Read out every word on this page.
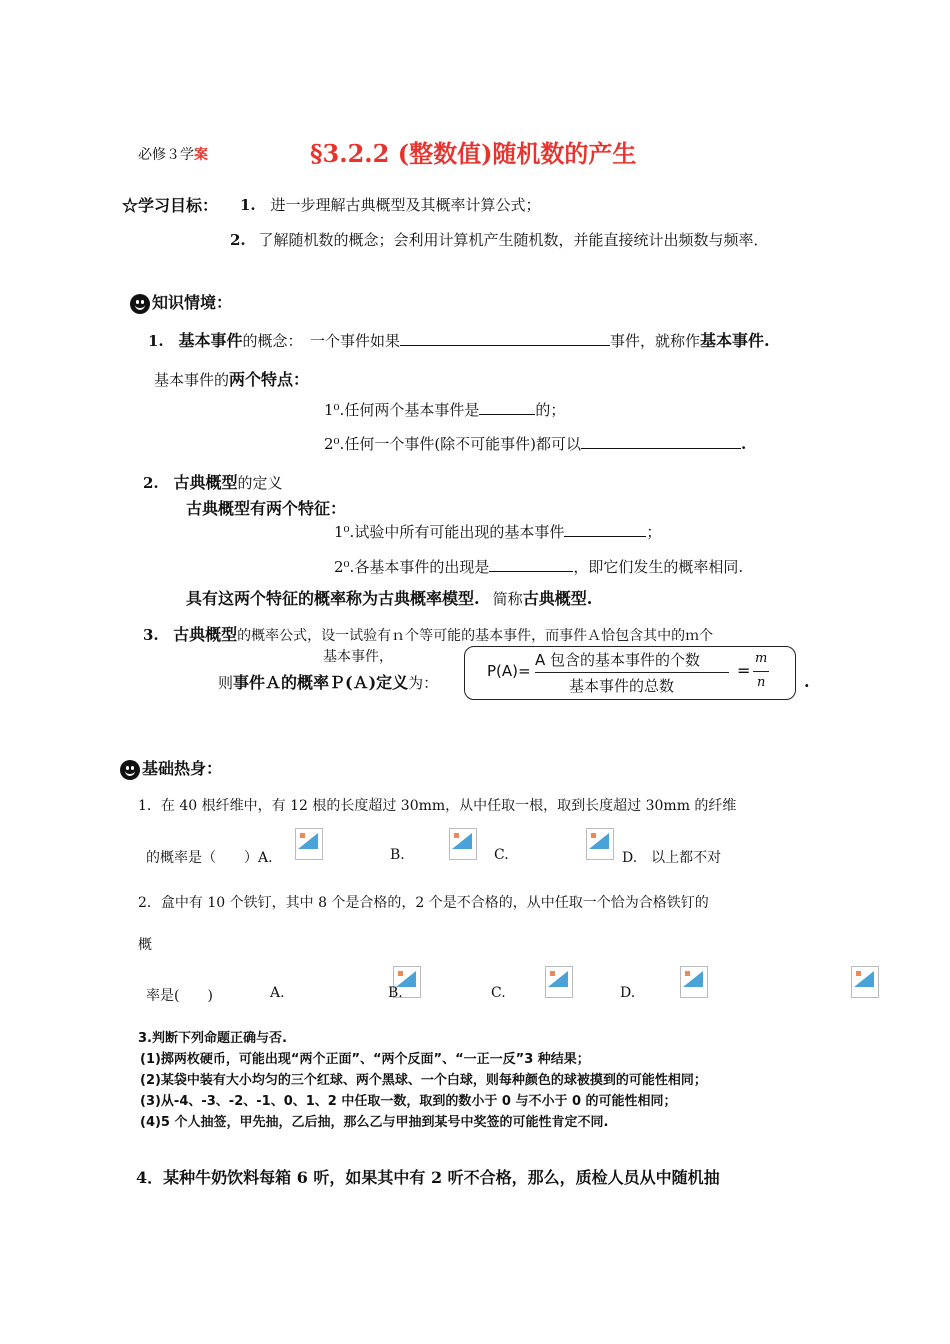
必修３学案	§3.2.2 (整数值)随机数的产生
☆学习目标： 1. 进一步理解古典概型及其概率计算公式；
2. 了解随机数的概念；会利用计算机产生随机数，并能直接统计出频数与频率．
知识情境：
1. 基本事件的概念：　一个事件如果	事件，就称作基本事件.
基本事件的两个特点：
1⁰.任何两个基本事件是	的；
2⁰.任何一个事件(除不可能事件)都可以	.
2. 古典概型的定义
古典概型有两个特征：
1⁰.试验中所有可能出现的基本事件	；
2⁰.各基本事件的出现是	，即它们发生的概率相同.
具有这两个特征的概率称为古典概率模型. 简称古典概型.
3. 古典概型的概率公式，设一试验有ｎ个等可能的基本事件，而事件Ａ恰包含其中的ｍ个
基本事件，
则事件Ａ的概率Ｐ(Ａ)定义为：
P(A)=
A 包含的基本事件的个数
基本事件的总数
=
m
n .
基础热身：
1．在 40 根纤维中，有 12 根的长度超过 30mm，从中任取一根，取到长度超过 30mm 的纤维
的概率是（　　）A.
	B.
	C.
	D.　以上都不对
2．盒中有 10 个铁钉，其中 8 个是合格的，2 个是不合格的，从中任取一个恰为合格铁钉的
概
率是(　　)	A.
	B.
	C.
	D.
3.判断下列命题正确与否.
(1)掷两枚硬币，可能出现“两个正面”、“两个反面”、“一正一反”3 种结果；
(2)某袋中装有大小均匀的三个红球、两个黑球、一个白球，则每种颜色的球被摸到的可能性相同；
(3)从-4、-3、-2、-1、0、1、2 中任取一数，取到的数小于 0 与不小于 0 的可能性相同；
(4)5 个人抽签，甲先抽，乙后抽，那么乙与甲抽到某号中奖签的可能性肯定不同.
4．某种牛奶饮料每箱 6 听，如果其中有 2 听不合格，那么，质检人员从中随机抽
